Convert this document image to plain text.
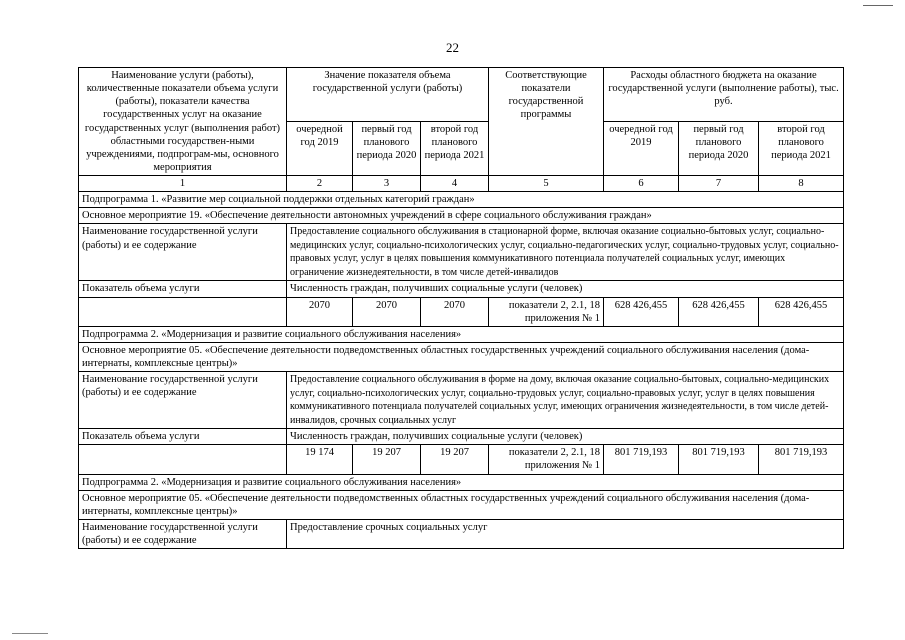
22
Наименование услуги (работы), количественные показатели объема услуги (работы), показатели качества государственных услуг на оказание государственных услуг (выполнения работ) областными государствен-ными учреждениями, подпрограм-мы, основного мероприятия	Значение показателя объема государственной услуги (работы)			Соответствующие показатели государственной программы	Расходы областного бюджета на оказание государственной услуги (выполнение работы), тыс. руб.		
	очередной год 2019	первый год планового периода 2020	второй год планового периода 2021		очередной год 2019	первый год планового периода 2020	второй год планового периода 2021
1	2	3	4	5	6	7	8
Подпрограмма 1. «Развитие мер социальной поддержки отдельных категорий граждан»							
Основное мероприятие 19. «Обеспечение деятельности автономных учреждений в сфере социального обслуживания граждан»							
Наименование государственной услуги (работы) и ее содержание	Предоставление социального обслуживания в стационарной форме, включая оказание социально-бытовых услуг, социально-медицинских услуг, социально-психологических услуг, социально-педагогических услуг, социально-трудовых услуг, социально-правовых услуг, услуг в целях повышения коммуникативного потенциала получателей социальных услуг, имеющих ограничение жизнедеятельности, в том числе детей-инвалидов						
Показатель объема услуги	Численность граждан, получивших социальные услуги (человек)						
	2070	2070	2070	показатели 2, 2.1, 18 приложения № 1	628 426,455	628 426,455	628 426,455
Подпрограмма 2. «Модернизация и развитие социального обслуживания населения»							
Основное мероприятие 05. «Обеспечение деятельности подведомственных областных государственных учреждений социального обслуживания населения (дома-интернаты, комплексные центры)»							
Наименование государственной услуги (работы) и ее содержание	Предоставление социального обслуживания в форме на дому, включая оказание социально-бытовых, социально-медицинских услуг, социально-психологических услуг, социально-трудовых услуг, социально-правовых услуг, услуг в целях повышения коммуникативного потенциала получателей социальных услуг, имеющих ограничения жизнедеятельности, в том числе детей-инвалидов, срочных социальных услуг						
Показатель объема услуги	Численность граждан, получивших социальные услуги (человек)						
	19 174	19 207	19 207	показатели 2, 2.1, 18 приложения № 1	801 719,193	801 719,193	801 719,193
Подпрограмма 2. «Модернизация и развитие социального обслуживания населения»							
Основное мероприятие 05. «Обеспечение деятельности подведомственных областных государственных учреждений социального обслуживания населения (дома-интернаты, комплексные центры)»							
Наименование государственной услуги (работы) и ее содержание	Предоставление срочных социальных услуг						
